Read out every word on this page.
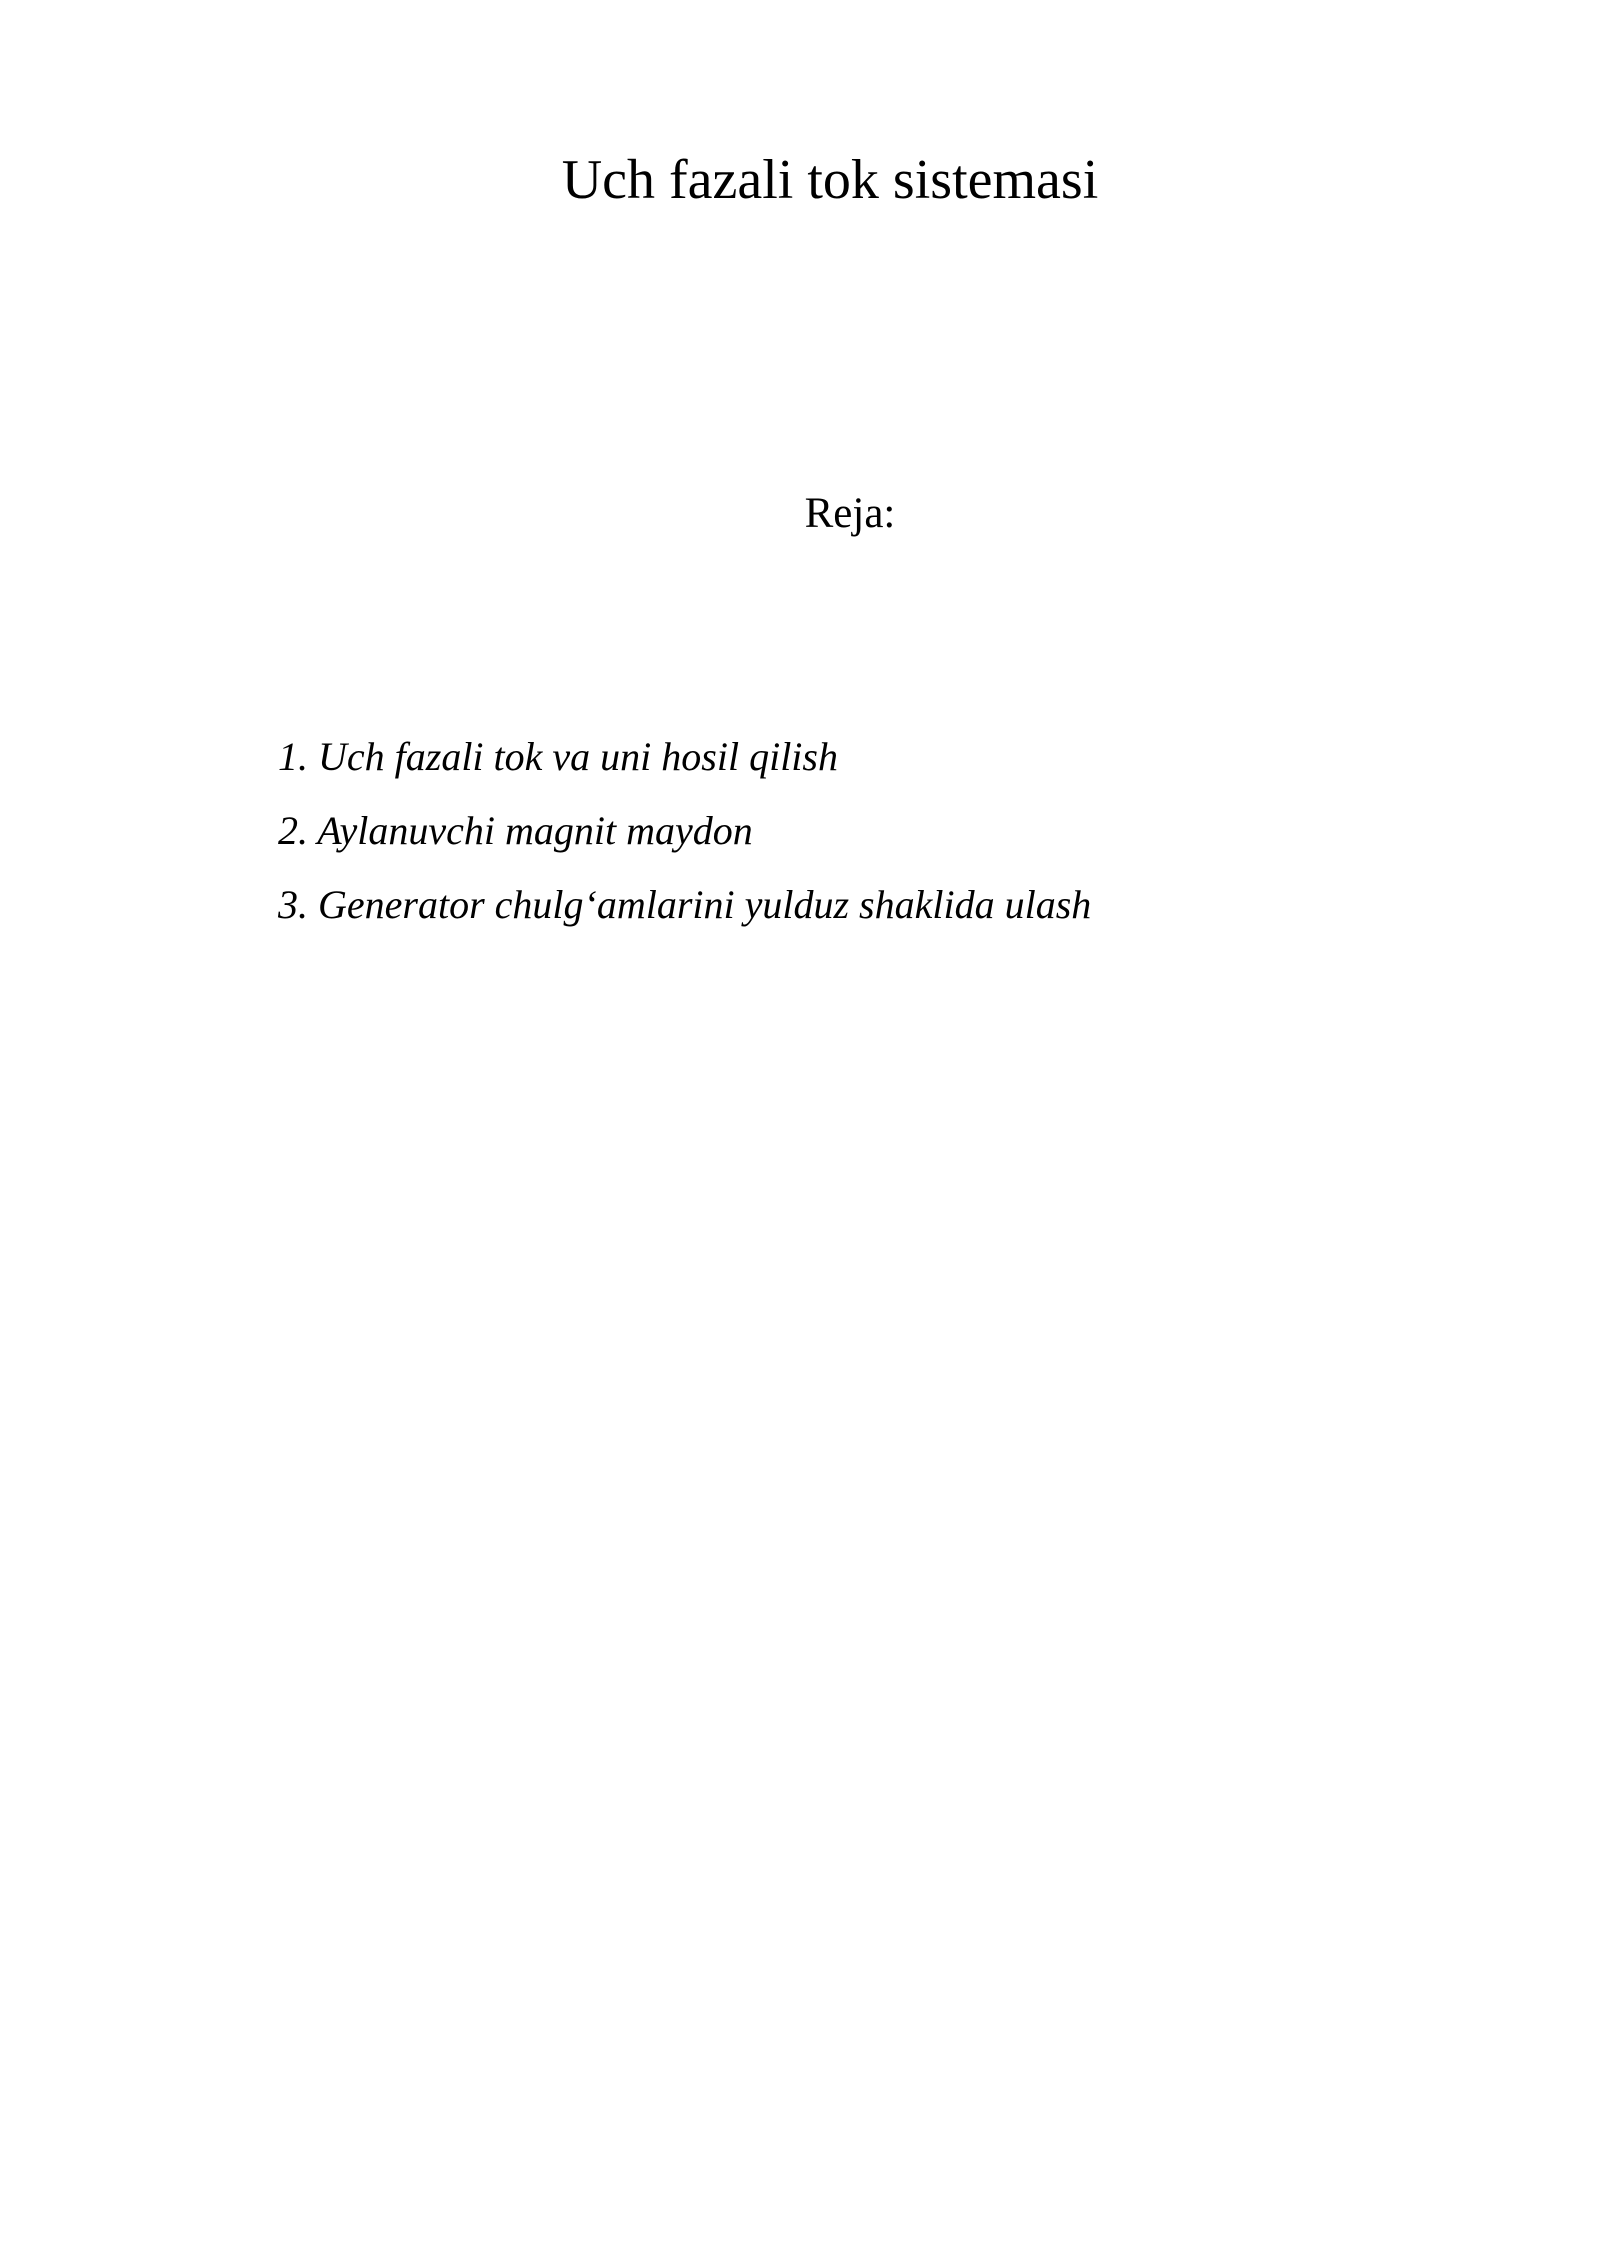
Uch fazali tok sistemasi

Reja:

1. Uch fazali tok va uni hosil qilish
2. Aylanuvchi magnit maydon
3. Generator chulg‘amlarini yulduz shaklida ulash
